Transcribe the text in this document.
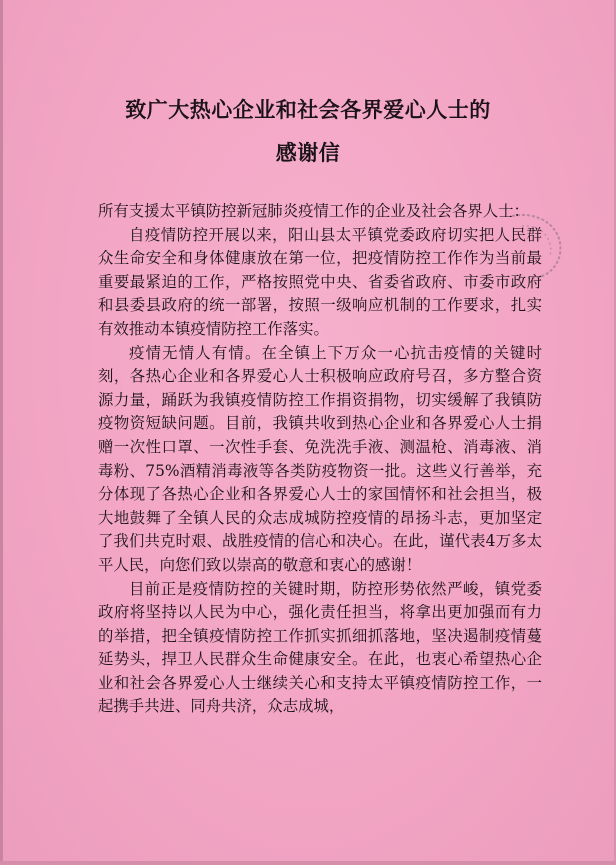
致广大热心企业和社会各界爱心人士的
感谢信

所有支援太平镇防控新冠肺炎疫情工作的企业及社会各界人士：

自疫情防控开展以来，阳山县太平镇党委政府切实把人民群众生命安全和身体健康放在第一位，把疫情防控工作作为当前最重要最紧迫的工作，严格按照党中央、省委省政府、市委市政府和县委县政府的统一部署，按照一级响应机制的工作要求，扎实有效推动本镇疫情防控工作落实。

疫情无情人有情。在全镇上下万众一心抗击疫情的关键时刻，各热心企业和各界爱心人士积极响应政府号召，多方整合资源力量，踊跃为我镇疫情防控工作捐资捐物，切实缓解了我镇防疫物资短缺问题。目前，我镇共收到热心企业和各界爱心人士捐赠一次性口罩、一次性手套、免洗洗手液、测温枪、消毒液、消毒粉、75%酒精消毒液等各类防疫物资一批。这些义行善举，充分体现了各热心企业和各界爱心人士的家国情怀和社会担当，极大地鼓舞了全镇人民的众志成城防控疫情的昂扬斗志，更加坚定了我们共克时艰、战胜疫情的信心和决心。在此，谨代表4万多太平人民，向您们致以崇高的敬意和衷心的感谢！

目前正是疫情防控的关键时期，防控形势依然严峻，镇党委政府将坚持以人民为中心，强化责任担当，将拿出更加强而有力的举措，把全镇疫情防控工作抓实抓细抓落地，坚决遏制疫情蔓延势头，捍卫人民群众生命健康安全。在此，也衷心希望热心企业和社会各界爱心人士继续关心和支持太平镇疫情防控工作，一起携手共进、同舟共济，众志成城，
